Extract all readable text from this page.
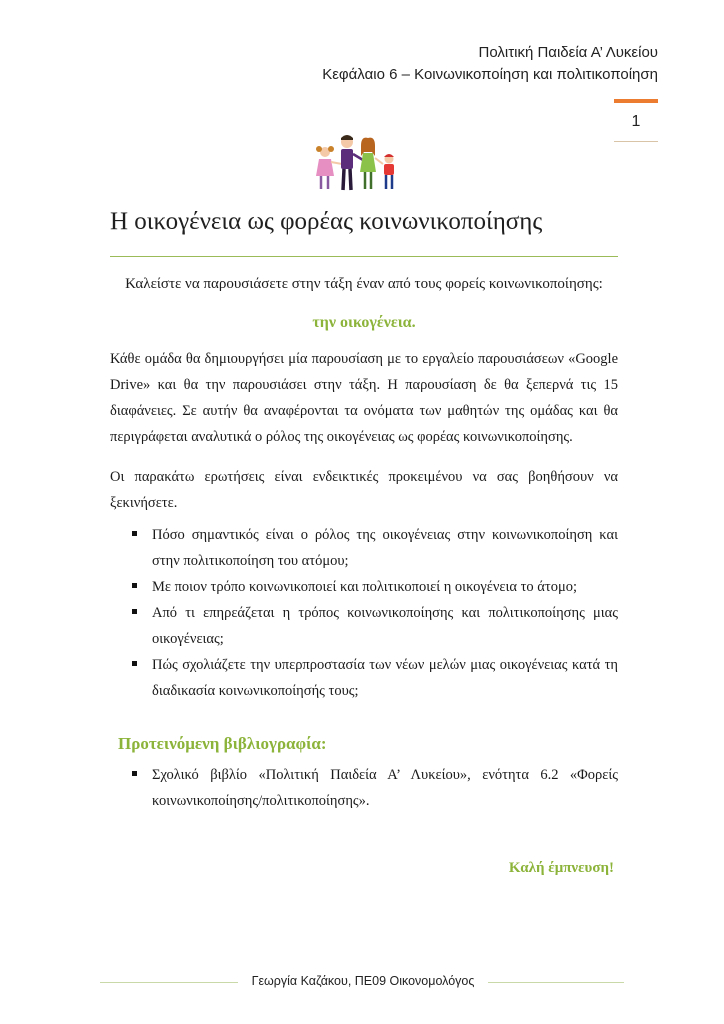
Πολιτική Παιδεία Α’ Λυκείου
Κεφάλαιο 6 – Κοινωνικοποίηση και πολιτικοποίηση
1
Η οικογένεια ως φορέας κοινωνικοποίησης
Καλείστε να παρουσιάσετε στην τάξη έναν από τους φορείς κοινωνικοποίησης:
την οικογένεια.
Κάθε ομάδα θα δημιουργήσει μία παρουσίαση με το εργαλείο παρουσιάσεων «Google Drive» και θα την παρουσιάσει στην τάξη. Η παρουσίαση δε θα ξεπερνά τις 15 διαφάνειες. Σε αυτήν θα αναφέρονται τα ονόματα των μαθητών της ομάδας και θα περιγράφεται αναλυτικά ο ρόλος της οικογένειας ως φορέας κοινωνικοποίησης.
Οι παρακάτω ερωτήσεις είναι ενδεικτικές προκειμένου να σας βοηθήσουν να ξεκινήσετε.
Πόσο σημαντικός είναι ο ρόλος της οικογένειας στην κοινωνικοποίηση και στην πολιτικοποίηση του ατόμου;
Με ποιον τρόπο κοινωνικοποιεί και πολιτικοποιεί η οικογένεια το άτομο;
Από τι επηρεάζεται η τρόπος κοινωνικοποίησης και πολιτικοποίησης μιας οικογένειας;
Πώς σχολιάζετε την υπερπροστασία των νέων μελών μιας οικογένειας κατά τη διαδικασία κοινωνικοποίησής τους;
Προτεινόμενη βιβλιογραφία:
Σχολικό βιβλίο «Πολιτική Παιδεία Α’ Λυκείου», ενότητα 6.2 «Φορείς κοινωνικοποίησης/πολιτικοποίησης».
Καλή έμπνευση!
Γεωργία Καζάκου, ΠΕ09 Οικονομολόγος
